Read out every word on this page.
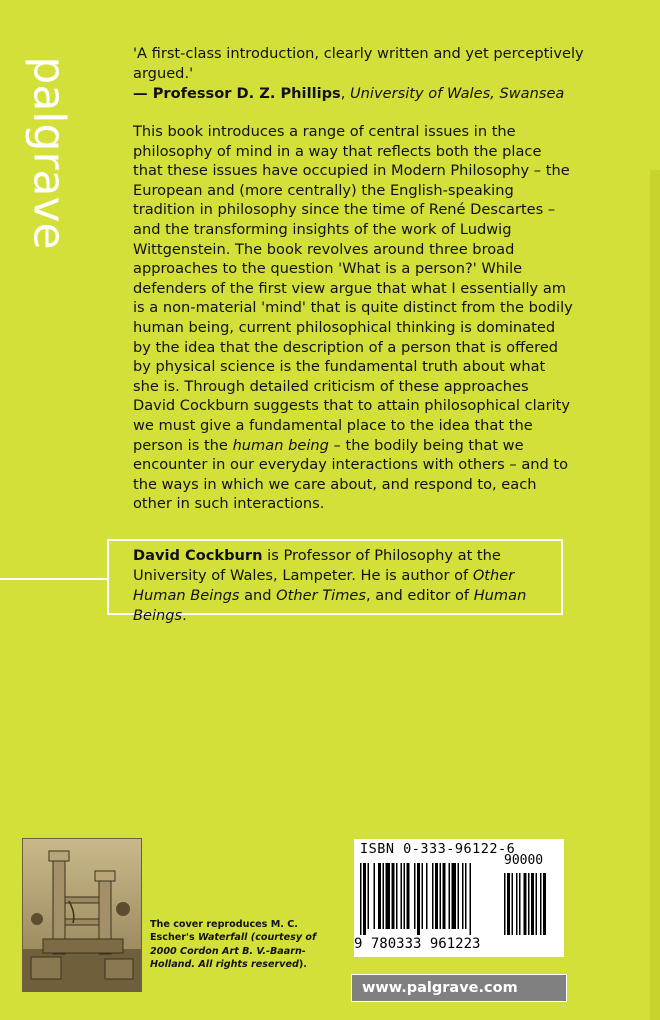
palgrave
'A first-class introduction, clearly written and yet perceptively argued.'
— Professor D. Z. Phillips, University of Wales, Swansea

This book introduces a range of central issues in the philosophy of mind in a way that reflects both the place that these issues have occupied in Modern Philosophy – the European and (more centrally) the English-speaking tradition in philosophy since the time of René Descartes – and the transforming insights of the work of Ludwig Wittgenstein. The book revolves around three broad approaches to the question 'What is a person?' While defenders of the first view argue that what I essentially am is a non-material 'mind' that is quite distinct from the bodily human being, current philosophical thinking is dominated by the idea that the description of a person that is offered by physical science is the fundamental truth about what she is. Through detailed criticism of these approaches David Cockburn suggests that to attain philosophical clarity we must give a fundamental place to the idea that the person is the human being – the bodily being that we encounter in our everyday interactions with others – and to the ways in which we care about, and respond to, each other in such interactions.

David Cockburn is Professor of Philosophy at the University of Wales, Lampeter. He is author of Other Human Beings and Other Times, and editor of Human Beings.
The cover reproduces M. C. Escher's Waterfall (courtesy of 2000 Cordon Art B. V.-Baarn- Holland. All rights reserved).
ISBN 0-333-96122-6
90000
9 780333 961223
www.palgrave.com
